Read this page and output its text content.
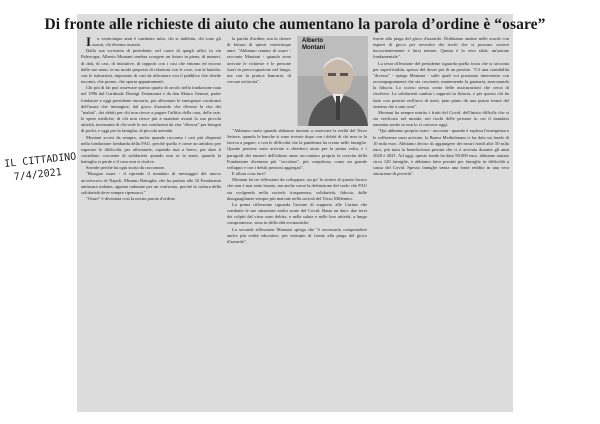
Di fronte alle richieste di aiuto che aumentano la parola d’ordine è “osare”

I n venticinque anni è cambiato tutto, chi si indebita, chi sono gli usurai, chi diventa usuraio.

Dalla sua scrivania di presidente, nel cuore di quegli uffici in via Paleocapa, Alberto Montani sembra scorgere un futuro in piena, di numeri, di dati, di casi, di iniziative, di rapporti con i casi che entrano ed escono dalle sue mani, in un modo preposto di relazioni con le cose, con le banche, con le istituzioni, impostato di casi da affrontare con il pubblico che chiede incontri, che preme, che sporta appuntamenti.

Chi più di lui può osservare questo quarto di secolo nella fondazione nata nel 1996 dal Cardinale Dionigi Tettamanzi e da don Mauro Genoni, padre fondatore e oggi presidente onorario, per affrontare le emergenze cavalcanti dell'usura che immagine, dal gioco d'azzardo che diventa la vita dei "malati", dei debiti per chi non riesce a pagare l'affitto della casa, delle rate, le spese mediche, di chi non riesce più a mandare avanti la sua piccola attività, incessante di chi vede le sue condizioni da vita "diversa" per bisogni di pochi, e oggi per la famiglia, di piccola azienda.

Montani scorsi da sempre, anche quando racconta i casi più disperati nella fondazione lombarda della FAU, perché quello è come un antidoto per superare le difficoltà, per affrontarle, capendo mai a breve, per dare il contributo cosciente di solidarietà quando non se la sente, quando la battaglia si perde e il caso non si risolve.

Sorride perché ha ogni storia da raccontare.

"Bisogna osare - il riprende il mandato di messaggio del nuovo arcivescovo di Napoli, Mimmo Battaglia, che ha parlato alle 32 Fondazioni antiusura italiane, appena radunate per un confronto, perché la cultura della solidarietà deve sempre ripensarsi."

"Osare" è diventata così la nostra parola d'ordine.

la parola d'ordine, ma la chiave di lettura di questi venticinque anni. "Abbiamo tentato di osare - racconta Montani - quando sono arrivate le richieste e le persone fuori in preoccupazione nel lungo, ma con la pratica bancaria, di cercare un'uscita".

Alberto
Montani

"Abbiamo osato quando abbiamo iniziato a osservare la realtà del Terzo Settore, quando le banche si sono trovate dopo con i debiti di chi non ce la faceva a pagare, e con le difficoltà che la pandemia ha creato nelle famiglie. Quante persone sono arrivate a chiederci aiuto per la prima volta, e i paragrafi dei numeri dell'ultimo anno raccontano proprio la crescita della Fondazione diventata più "circolare", più complessa, come un grande sviluppo e con i debiti preziosi aggregati".

E allora cosa fare?

Montani ha tre riflessioni da sviluppare, un po' la sintesi di questo lavoro che non è mai stato basato, ma anche come la definizione del ruolo che FAU sta svolgendo nella società: trasparenza, solidarietà, fiducia, dalle disuguaglianze sempre più marcate nella società del Terzo Millennio.

La prima riflessione riguarda l'azione di supporto alle Caritas che combatte le sue situazioni molto acute del Covid. Basta un dato: due terzi dei colpiti dal virus sono debito, e nella salute e nelle loro attività, a lungo compromesse, sono in difficoltà economiche.

La seconda riflessione Montani spiega che "è necessario comprendere anche più realtà educative, per esempio di fronte alla piaga del gioco d'azzardo".

fronte alla piaga del gioco d'azzardo. Dobbiamo andare nelle scuole con esperti di gioco per avvertire dei rischi che si possono correre incoscientemente e farsi tentare. Questa è la vera sfida, un'azione fondamentale".

La terza riflessione del presidente riguarda quella forza che si racconta per superficialità, spesso del dover poi di un prestito. "C'è una contabilità "diversa" - spiega Montani - sulle quali voi possiamo intervenire con accompagnamenti che sia cosciente, mantenendo la garanzia, assicurando la fiducia. Lo scorso stesso conto delle assicurazioni che cerca di risolvere. La solidarietà cambia i rapporti in fiducia, e per questo chi ha fatto con prestito nell'arco di mesi, pian piano dà una prima forma del sistema che a una cosa".

Montani ha sempre nutrito i frutti del Covid, dell'inizio difficile che si sia verificato nel mondo, nei rischi delle persone in cui il mandato aumenta anche se non lo si conosce oggi.

"Qui abbiamo proprio osato - racconta - quando è esplosa l'emergenza e le sofferenze sono arrivate, la Banca Mediolanum ci ha dato un fondo di 10 mila euro. Abbiamo deciso di aggiungere dei nostri fondi altri 50 mila euro, più tutta la beneficienza privata che ci è arrivata durante gli anni 2020 e 2021. Ad oggi, questo fondo ha dato 90.000 euro, abbiamo aiutato circa 120 famiglie, e abbiamo fatto prestiti per famiglie in difficoltà a causa del Covid. Spesso famiglie senza una fonte reddito in una vera situazione di povertà".

IL CITTADINO
7/4/2021
